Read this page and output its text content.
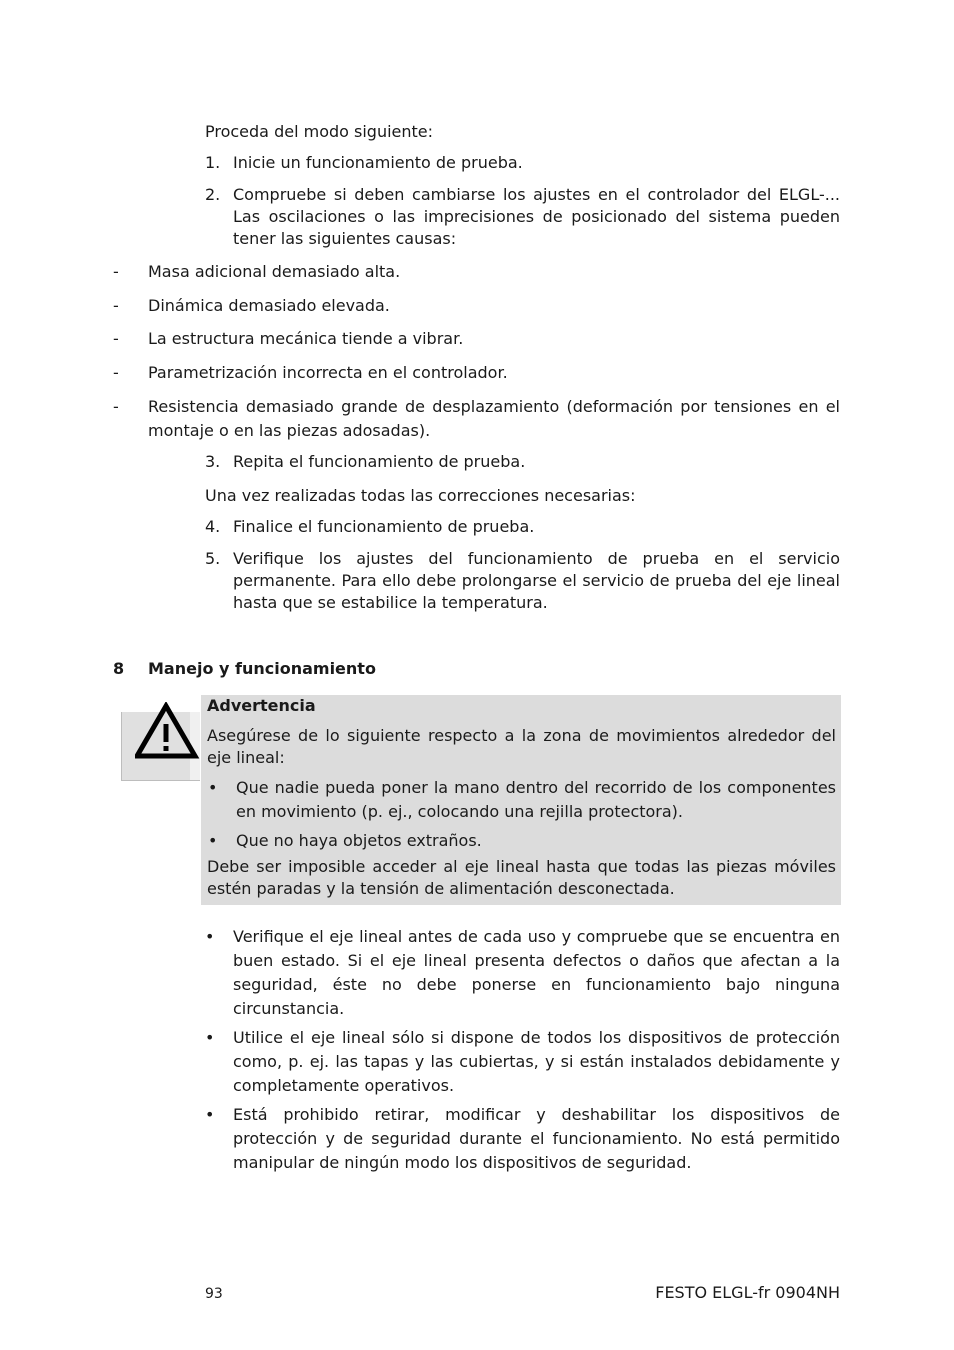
Proceda del modo siguiente:
1. Inicie un funcionamiento de prueba.
2. Compruebe si deben cambiarse los ajustes en el controlador del ELGL-... Las oscilaciones o las imprecisiones de posicionado del sistema pueden tener las siguientes causas:
- Masa adicional demasiado alta.
- Dinámica demasiado elevada.
- La estructura mecánica tiende a vibrar.
- Parametrización incorrecta en el controlador.
- Resistencia demasiado grande de desplazamiento (deformación por tensiones en el montaje o en las piezas adosadas).
3. Repita el funcionamiento de prueba.
Una vez realizadas todas las correcciones necesarias:
4. Finalice el funcionamiento de prueba.
5. Verifique los ajustes del funcionamiento de prueba en el servicio permanente. Para ello debe prolongarse el servicio de prueba del eje lineal hasta que se estabilice la temperatura.
8 Manejo y funcionamiento
Advertencia
Asegúrese de lo siguiente respecto a la zona de movimientos alrededor del eje lineal:
• Que nadie pueda poner la mano dentro del recorrido de los componentes en movimiento (p. ej., colocando una rejilla protectora).
• Que no haya objetos extraños.
Debe ser imposible acceder al eje lineal hasta que todas las piezas móviles estén paradas y la tensión de alimentación desconectada.
• Verifique el eje lineal antes de cada uso y compruebe que se encuentra en buen estado. Si el eje lineal presenta defectos o daños que afectan a la seguridad, éste no debe ponerse en funcionamiento bajo ninguna circunstancia.
• Utilice el eje lineal sólo si dispone de todos los dispositivos de protección como, p. ej. las tapas y las cubiertas, y si están instalados debidamente y completamente operativos.
• Está prohibido retirar, modificar y deshabilitar los dispositivos de protección y de seguridad durante el funcionamiento. No está permitido manipular de ningún modo los dispositivos de seguridad.
93	FESTO ELGL-fr 0904NH
